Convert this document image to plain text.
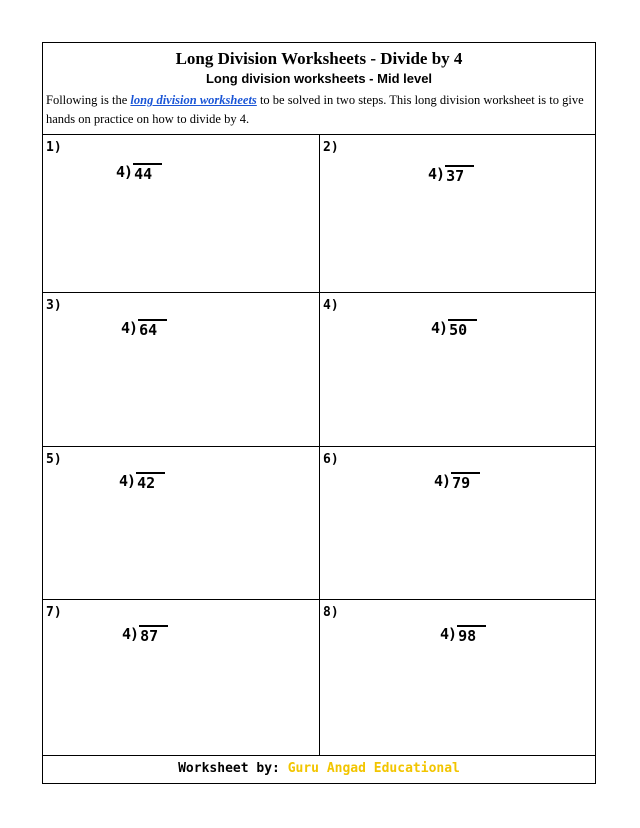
Long Division Worksheets - Divide by 4
Long division worksheets - Mid level
Following is the long division worksheets to be solved in two steps. This long division worksheet is to give hands on practice on how to divide by 4.
1)
4 ) 44
2)
4 ) 37
3)
4 ) 64
4)
4 ) 50
5)
4 ) 42
6)
4 ) 79
7)
4 ) 87
8)
4 ) 98
Worksheet by: Guru Angad Educational
